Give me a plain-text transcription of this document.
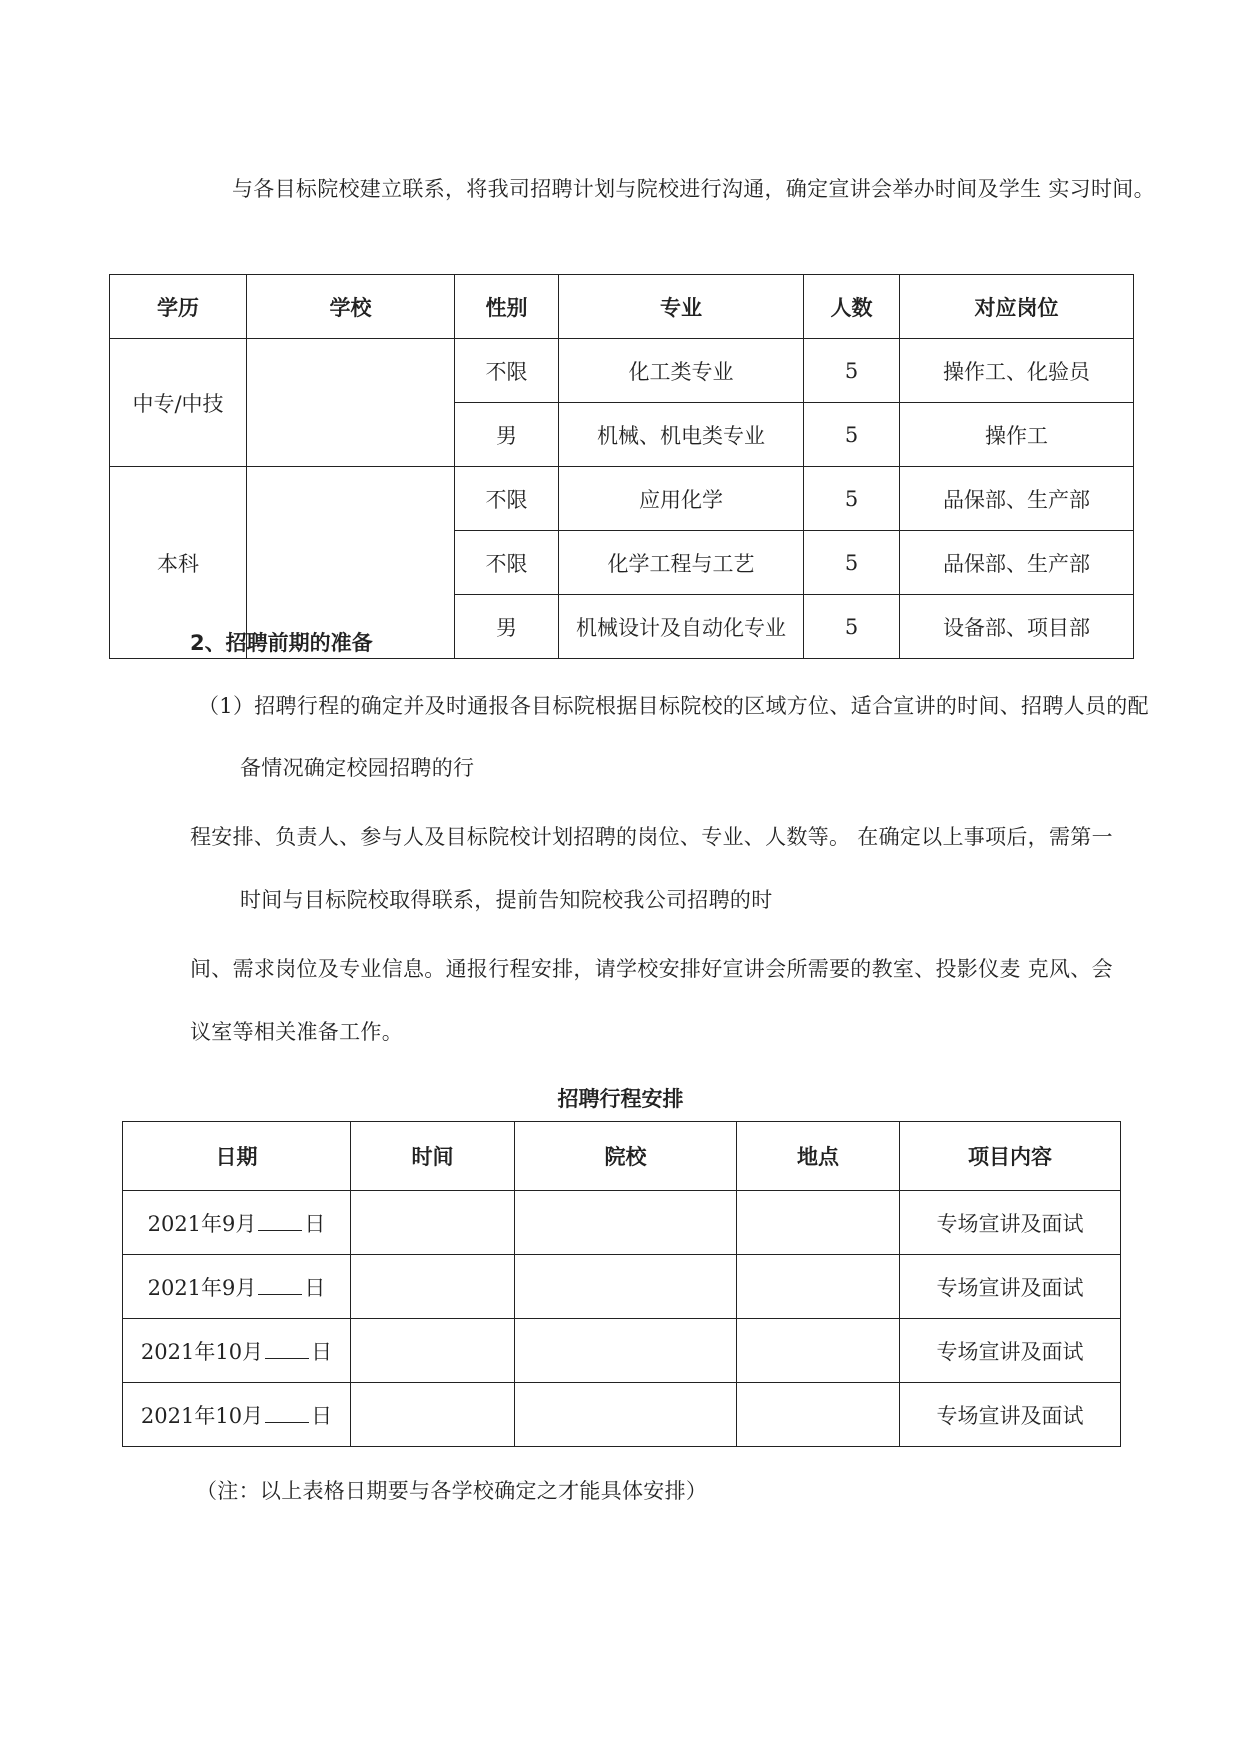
与各目标院校建立联系，将我司招聘计划与院校进行沟通，确定宣讲会举办时间及学生 实习时间。
学历	学校	性别	专业	人数	对应岗位
中专/中技		不限	化工类专业	5	操作工、化验员
		男	机械、机电类专业	5	操作工
本科		不限	应用化学	5	品保部、生产部
		不限	化学工程与工艺	5	品保部、生产部
		男	机械设计及自动化专业	5	设备部、项目部
2、招聘前期的准备
（1）招聘行程的确定并及时通报各目标院根据目标院校的区域方位、适合宣讲的时间、招聘人员的配
备情况确定校园招聘的行
程安排、负责人、参与人及目标院校计划招聘的岗位、专业、人数等。 在确定以上事项后，需第一
时间与目标院校取得联系，提前告知院校我公司招聘的时
间、需求岗位及专业信息。通报行程安排，请学校安排好宣讲会所需要的教室、投影仪麦 克风、会
议室等相关准备工作。
招聘行程安排
日期	时间	院校	地点	项目内容
2021年9月 日				专场宣讲及面试
2021年9月 日				专场宣讲及面试
2021年10月 日				专场宣讲及面试
2021年10月 日				专场宣讲及面试
（注：以上表格日期要与各学校确定之才能具体安排）
